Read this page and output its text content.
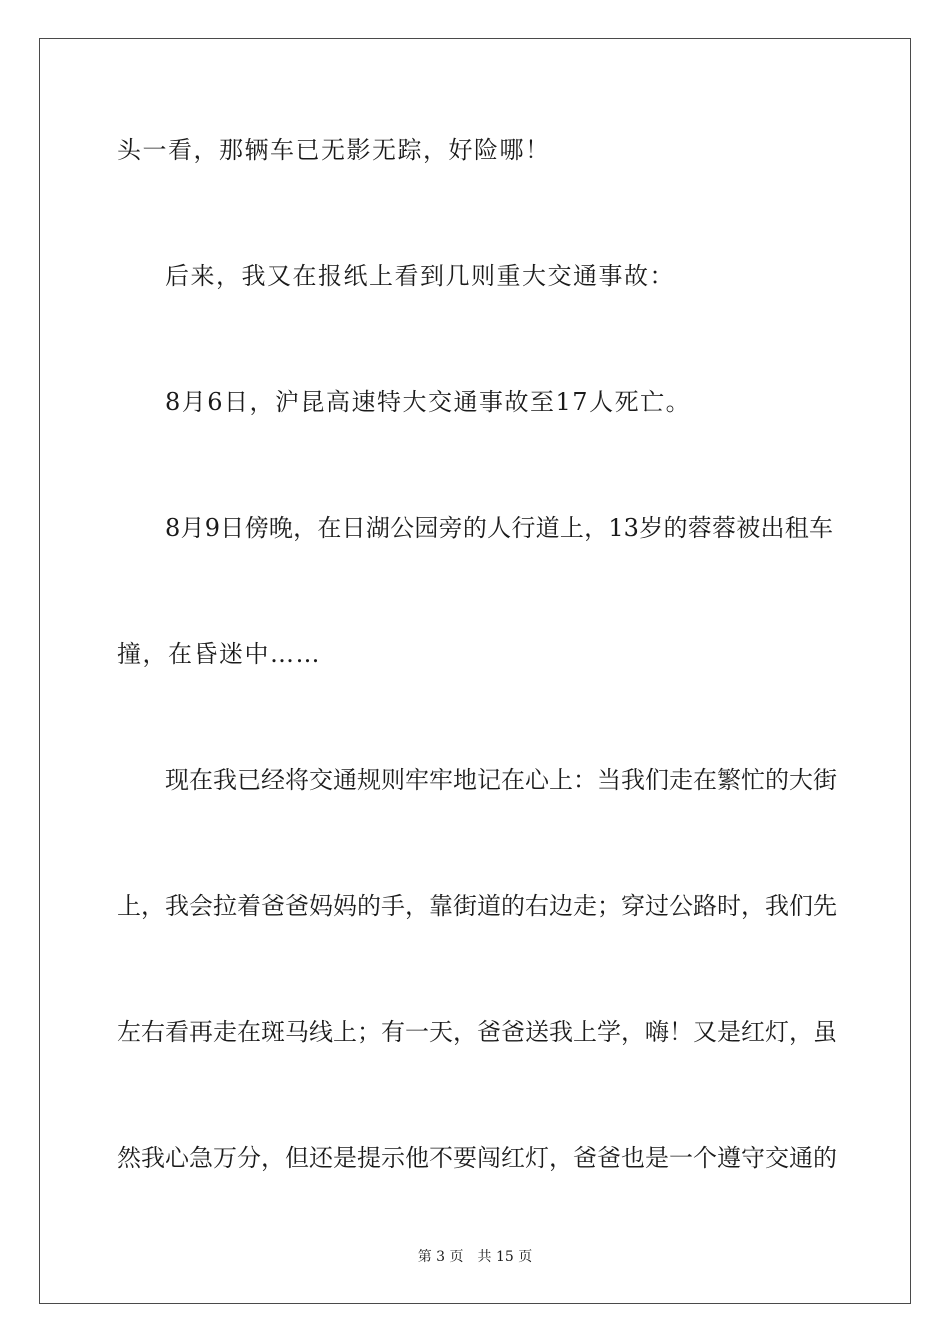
头一看，那辆车已无影无踪，好险哪！
后来，我又在报纸上看到几则重大交通事故：
8月6日，沪昆高速特大交通事故至17人死亡。
8月9日傍晚，在日湖公园旁的人行道上，13岁的蓉蓉被出租车
撞，在昏迷中……
现在我已经将交通规则牢牢地记在心上：当我们走在繁忙的大街
上，我会拉着爸爸妈妈的手，靠街道的右边走；穿过公路时，我们先
左右看再走在斑马线上；有一天，爸爸送我上学，嗨！又是红灯，虽
然我心急万分，但还是提示他不要闯红灯，爸爸也是一个遵守交通的
第 3 页　共 15 页
